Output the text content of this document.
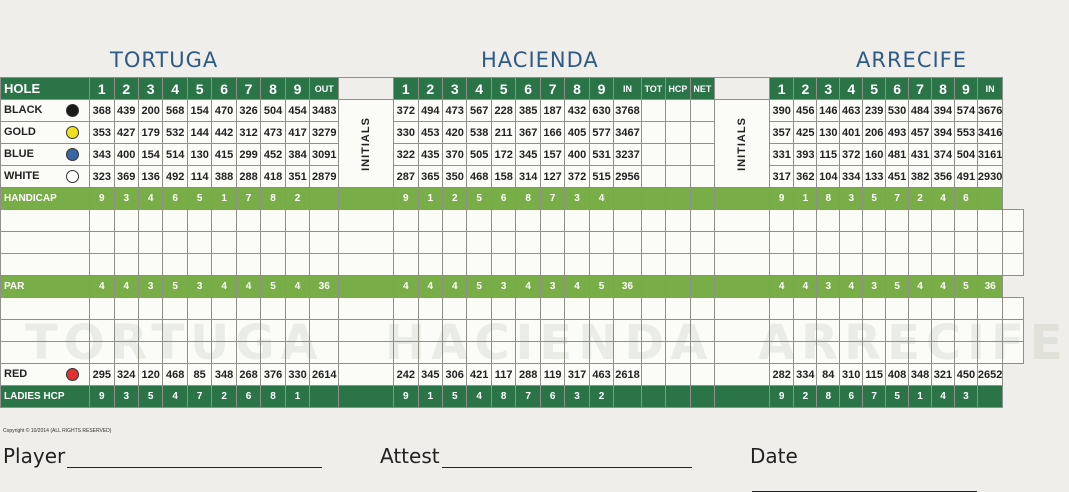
TORTUGA	HACIENDA	ARRECIFE
HOLE	1	2	3	4	5	6	7	8	9	OUT		1	2	3	4	5	6	7	8	9	IN	TOT	HCP	NET		1	2	3	4	5	6	7	8	9	IN	
BLACK	368	439	200	568	154	470	326	504	454	3483	INITIALS	372	494	473	567	228	385	187	432	630	3768				INITIALS	390	456	146	463	239	530	484	394	574	3676	
GOLD	353	427	179	532	144	442	312	473	417	3279		330	453	420	538	211	367	166	405	577	3467					357	425	130	401	206	493	457	394	553	3416	
BLUE	343	400	154	514	130	415	299	452	384	3091		322	435	370	505	172	345	157	400	531	3237					331	393	115	372	160	481	431	374	504	3161	
WHITE	323	369	136	492	114	388	288	418	351	2879		287	365	350	468	158	314	127	372	515	2956					317	362	104	334	133	451	382	356	491	2930	
HANDICAP	9	3	4	6	5	1	7	8	2			9	1	2	5	6	8	7	3	4						9	1	8	3	5	7	2	4	6		

PAR	4	4	3	5	3	4	4	5	4	36		4	4	4	5	3	4	3	4	5	36					4	4	3	4	3	5	4	4	5	36	

RED	295	324	120	468	85	348	268	376	330	2614		242	345	306	421	117	288	119	317	463	2618					282	334	84	310	115	408	348	321	450	2652	
LADIES HCP	9	3	5	4	7	2	6	8	1			9	1	5	4	8	7	6	3	2						9	2	8	6	7	5	1	4	3		
Copyright © 10/2014 (ALL RIGHTS RESERVED)
Player	Attest	Date
